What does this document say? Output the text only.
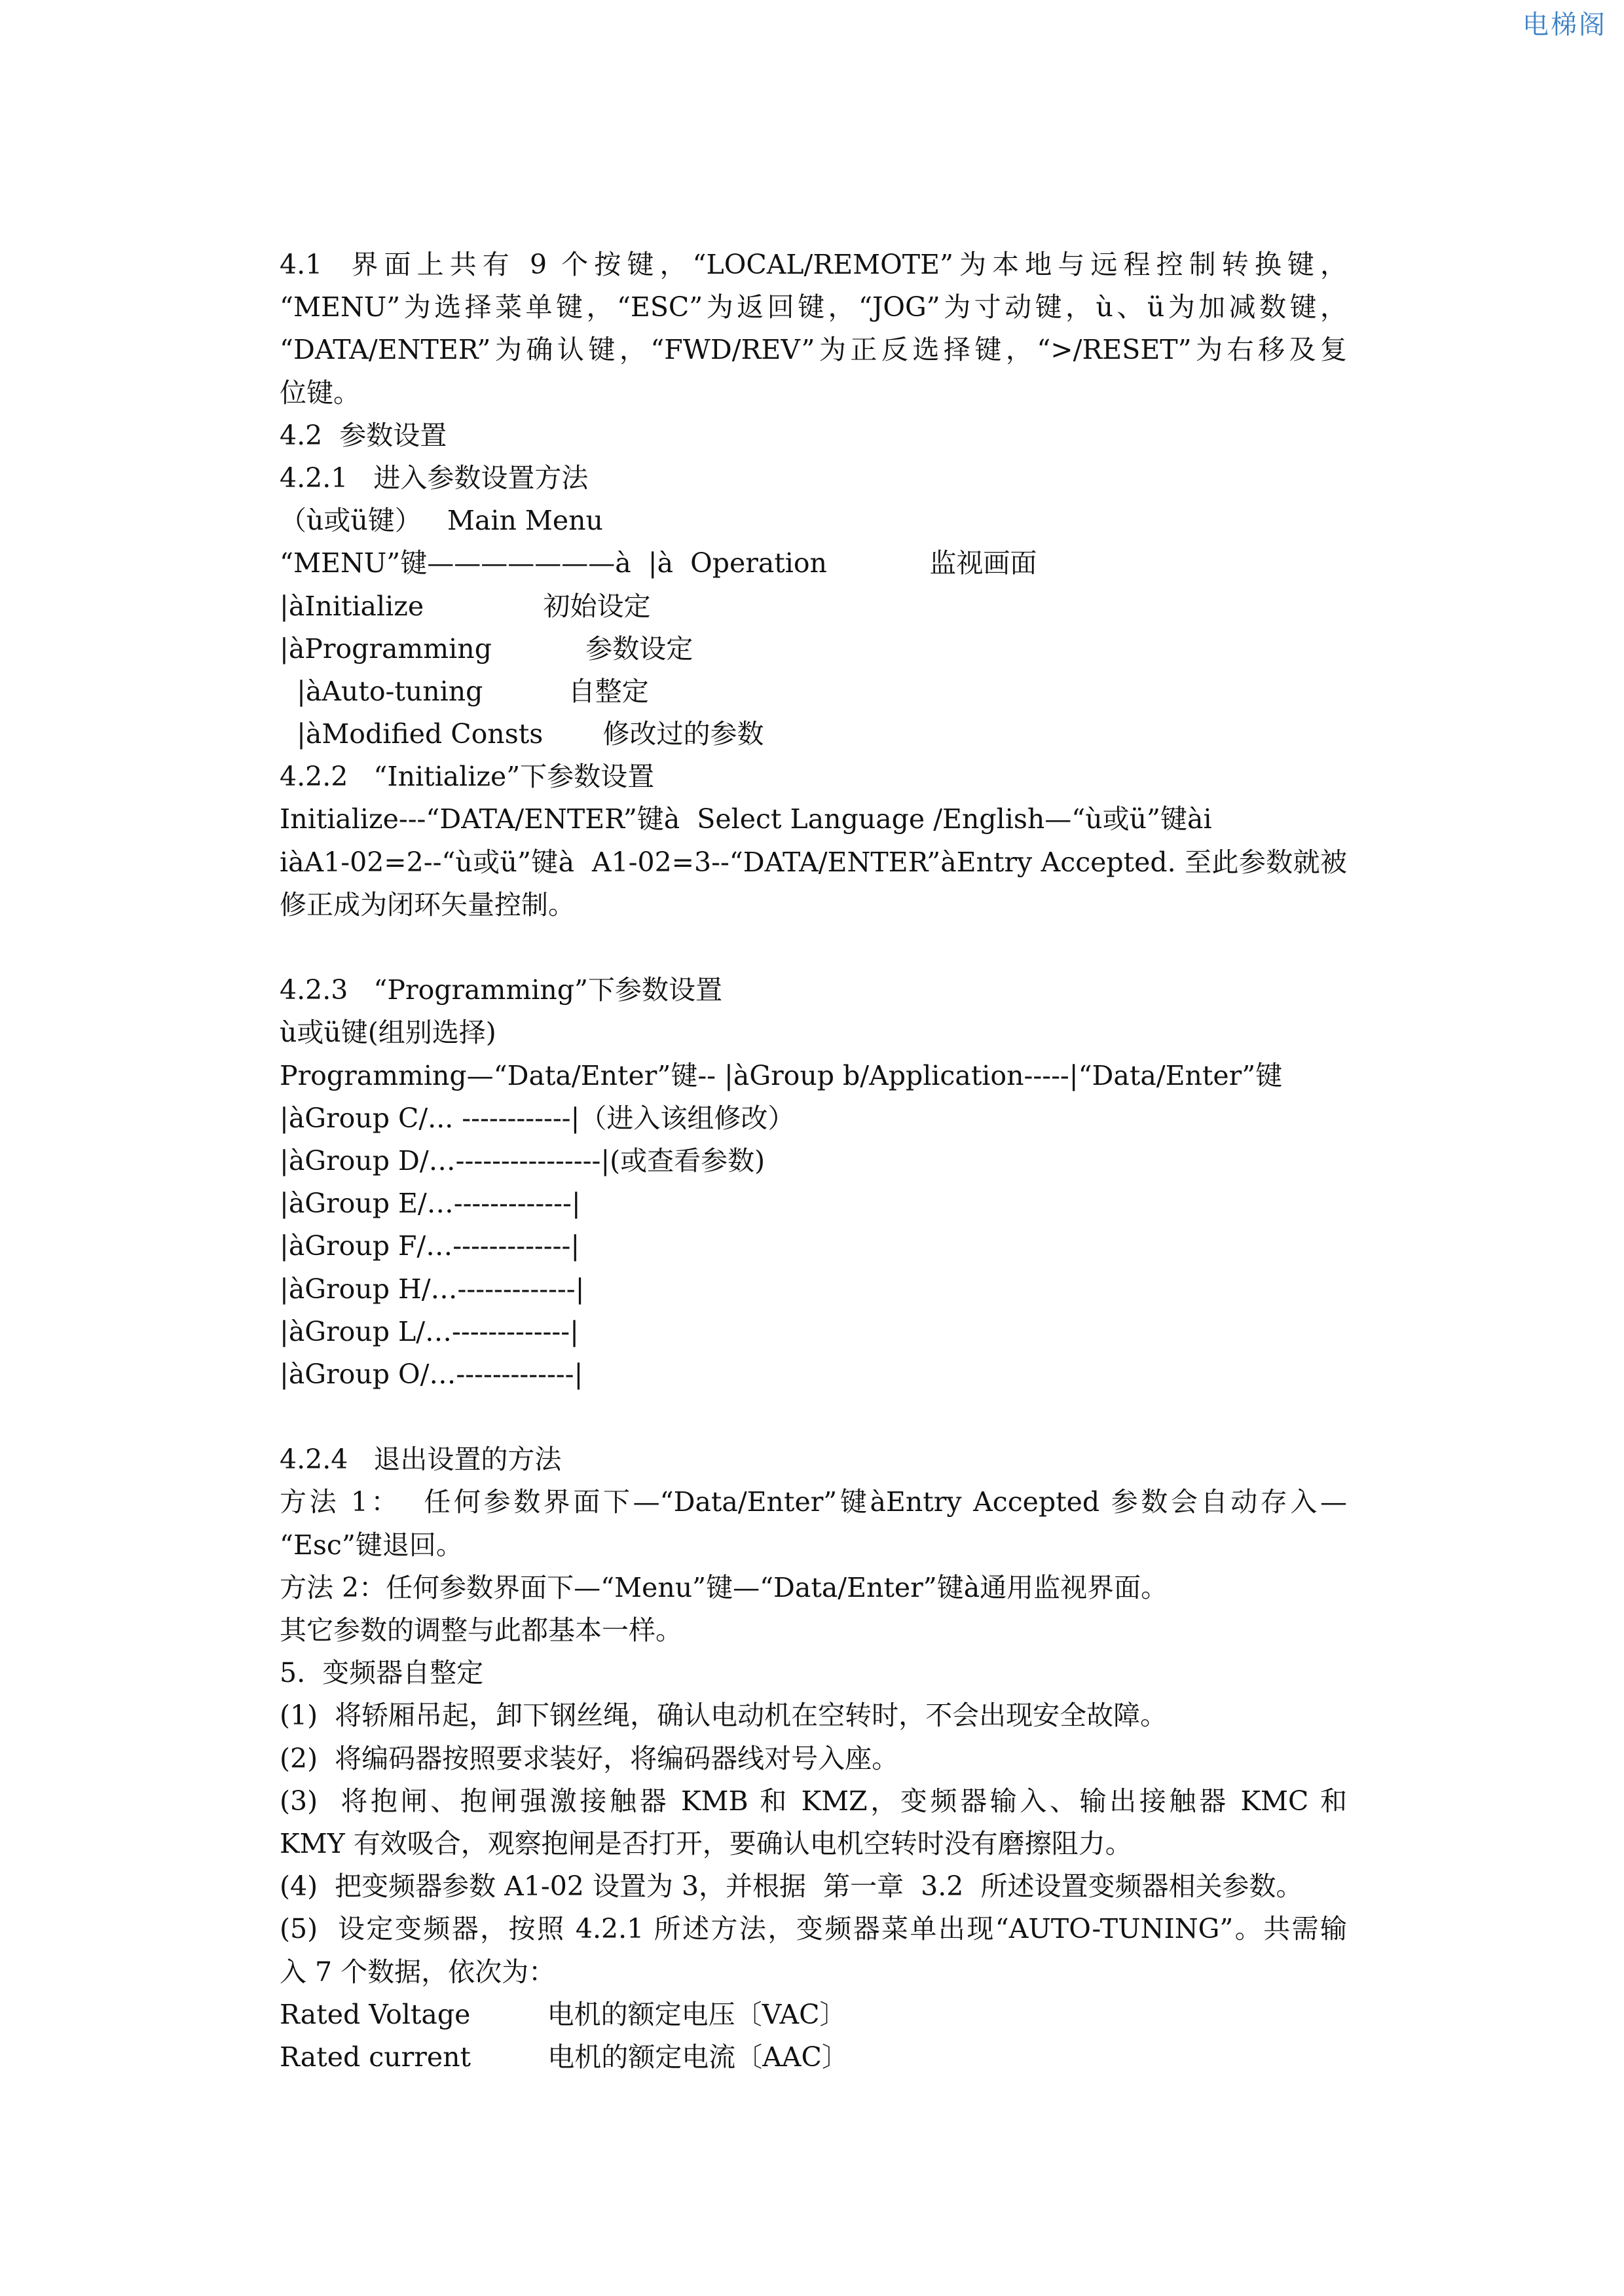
电梯阁
4.1  界面上共有 9 个按键，“LOCAL/REMOTE”为本地与远程控制转换键，
“MENU”为选择菜单键，“ESC”为返回键，“JOG”为寸动键，ù、ü为加减数键，
“DATA/ENTER”为确认键，“FWD/REV”为正反选择键，“>/RESET”为右移及复
位键。
4.2  参数设置
4.2.1   进入参数设置方法
（ù或ü键）   Main Menu
“MENU”键———————à  |à  Operation            监视画面
|àInitialize              初始设定
|àProgramming           参数设定
|àAuto-tuning          自整定
|àModified Consts       修改过的参数
4.2.2   “Initialize”下参数设置
Initialize---“DATA/ENTER”键à  Select Language /English—“ù或ü”键ài
iàA1-02=2--“ù或ü”键à  A1-02=3--“DATA/ENTER”àEntry Accepted. 至此参数就被
修正成为闭环矢量控制。
4.2.3   “Programming”下参数设置
ù或ü键(组别选择)
Programming—“Data/Enter”键-- |àGroup b/Application-----|“Data/Enter”键
|àGroup C/... ------------|（进入该组修改）
|àGroup D/…----------------|(或查看参数)
|àGroup E/…-------------|
|àGroup F/…-------------|
|àGroup H/…-------------|
|àGroup L/…-------------|
|àGroup O/…-------------|
4.2.4   退出设置的方法
方法 1：  任何参数界面下—“Data/Enter”键àEntry Accepted 参数会自动存入—
“Esc”键退回。
方法 2：任何参数界面下—“Menu”键—“Data/Enter”键à通用监视界面。
其它参数的调整与此都基本一样。
5.  变频器自整定
(1)  将轿厢吊起，卸下钢丝绳，确认电动机在空转时，不会出现安全故障。
(2)  将编码器按照要求装好，将编码器线对号入座。
(3)  将抱闸、抱闸强激接触器 KMB 和 KMZ，变频器输入、输出接触器 KMC 和
KMY 有效吸合，观察抱闸是否打开，要确认电机空转时没有磨擦阻力。
(4)  把变频器参数 A1-02 设置为 3，并根据  第一章  3.2  所述设置变频器相关参数。
(5)  设定变频器，按照 4.2.1 所述方法，变频器菜单出现“AUTO-TUNING”。共需输
入 7 个数据，依次为：
Rated Voltage         电机的额定电压〔VAC〕
Rated current         电机的额定电流〔AAC〕
